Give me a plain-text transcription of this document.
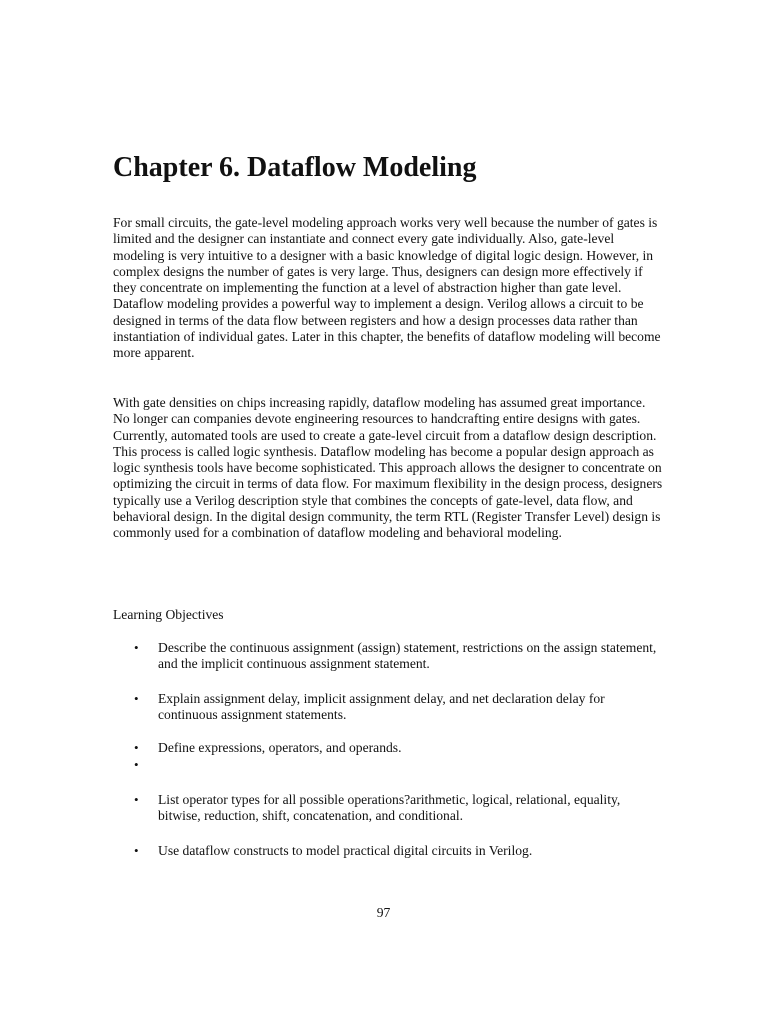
Chapter 6. Dataflow Modeling

For small circuits, the gate-level modeling approach works very well because the number of gates is limited and the designer can instantiate and connect every gate individually. Also, gate-level modeling is very intuitive to a designer with a basic knowledge of digital logic design. However, in complex designs the number of gates is very large. Thus, designers can design more effectively if they concentrate on implementing the function at a level of abstraction higher than gate level. Dataflow modeling provides a powerful way to implement a design. Verilog allows a circuit to be designed in terms of the data flow between registers and how a design processes data rather than instantiation of individual gates. Later in this chapter, the benefits of dataflow modeling will become more apparent.

With gate densities on chips increasing rapidly, dataflow modeling has assumed great importance. No longer can companies devote engineering resources to handcrafting entire designs with gates. Currently, automated tools are used to create a gate-level circuit from a dataflow design description. This process is called logic synthesis. Dataflow modeling has become a popular design approach as logic synthesis tools have become sophisticated. This approach allows the designer to concentrate on optimizing the circuit in terms of data flow. For maximum flexibility in the design process, designers typically use a Verilog description style that combines the concepts of gate-level, data flow, and behavioral design. In the digital design community, the term RTL (Register Transfer Level) design is commonly used for a combination of dataflow modeling and behavioral modeling.

Learning Objectives

• Describe the continuous assignment (assign) statement, restrictions on the assign statement, and the implicit continuous assignment statement.
• Explain assignment delay, implicit assignment delay, and net declaration delay for continuous assignment statements.
• Define expressions, operators, and operands.
•
• List operator types for all possible operations?arithmetic, logical, relational, equality, bitwise, reduction, shift, concatenation, and conditional.
• Use dataflow constructs to model practical digital circuits in Verilog.

97
